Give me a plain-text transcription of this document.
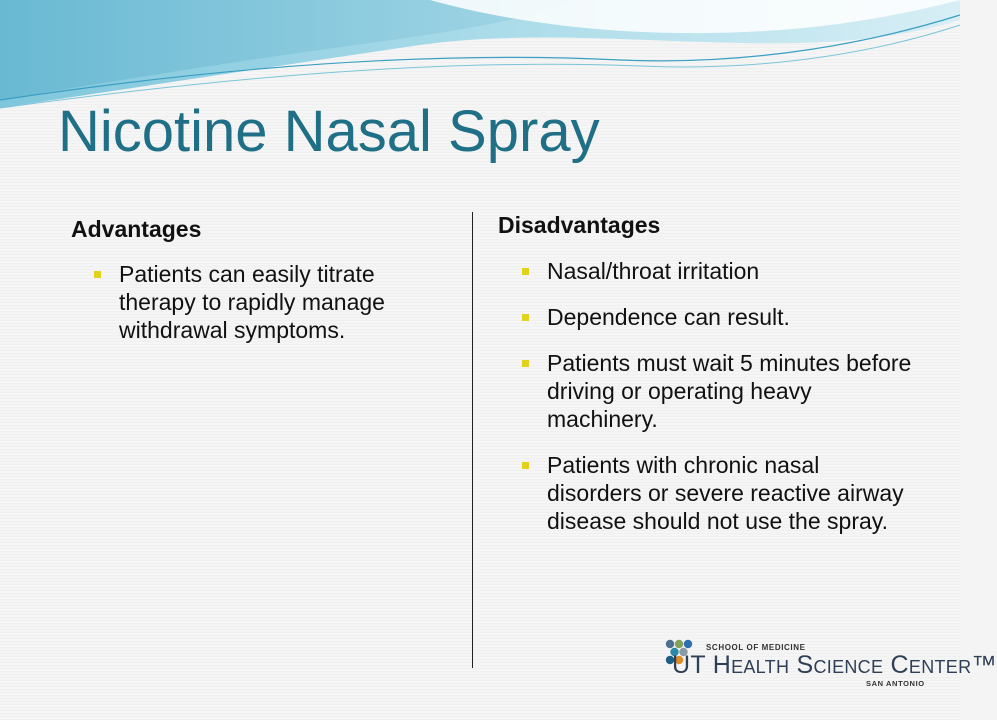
Nicotine Nasal Spray
Advantages
Patients can easily titrate therapy to rapidly manage withdrawal symptoms.
Disadvantages
Nasal/throat irritation
Dependence can result.
Patients must wait 5 minutes before driving or operating heavy machinery.
Patients with chronic nasal disorders or severe reactive airway disease should not use the spray.
SCHOOL OF MEDICINE
UT Health Science Center™
SAN ANTONIO
